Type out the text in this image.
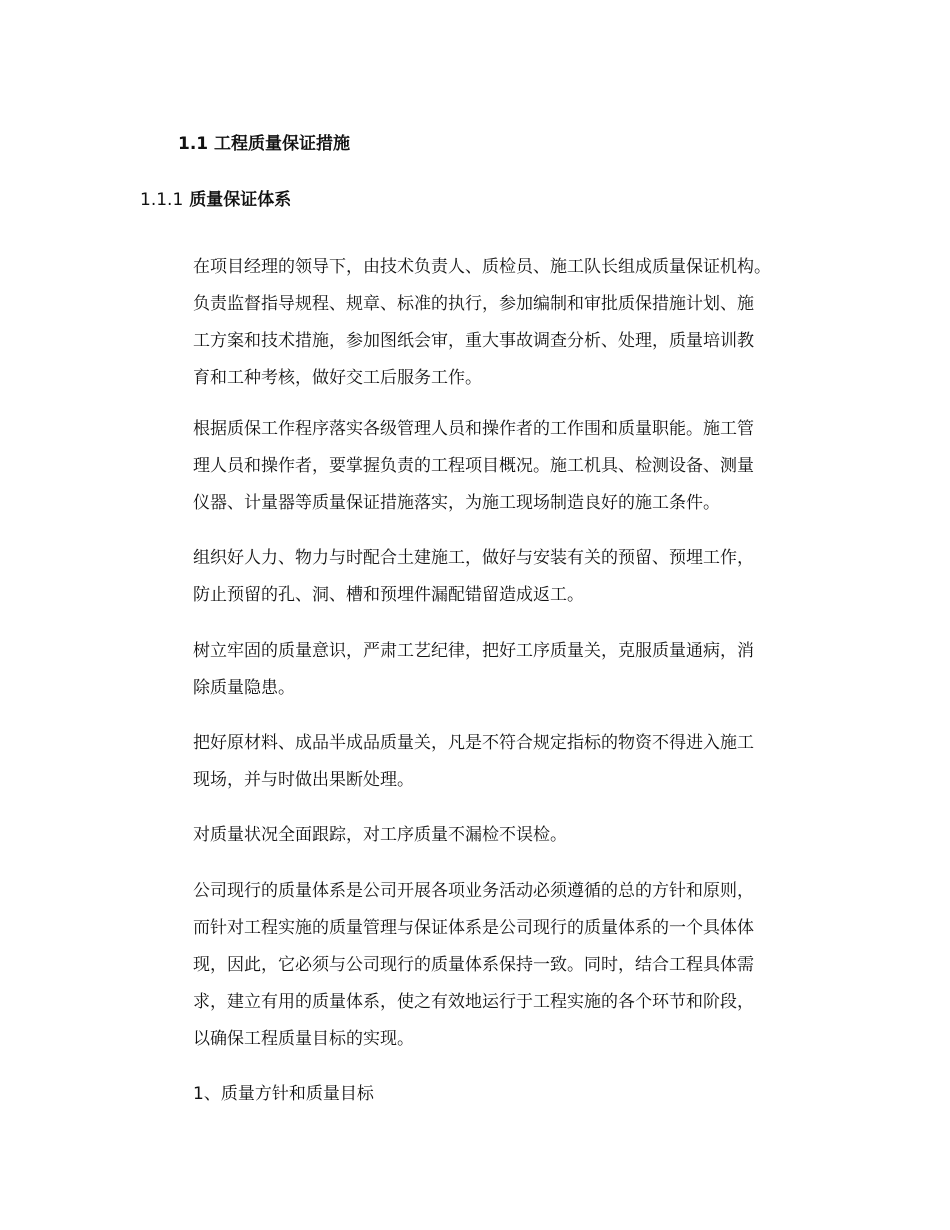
1.1 工程质量保证措施
1.1.1 质量保证体系

在项目经理的领导下，由技术负责人、质检员、施工队长组成质量保证机构。

负责监督指导规程、规章、标准的执行，参加编制和审批质保措施计划、施

工方案和技术措施，参加图纸会审，重大事故调查分析、处理，质量培训教

育和工种考核，做好交工后服务工作。

根据质保工作程序落实各级管理人员和操作者的工作围和质量职能。施工管

理人员和操作者，要掌握负责的工程项目概况。施工机具、检测设备、测量

仪器、计量器等质量保证措施落实，为施工现场制造良好的施工条件。

组织好人力、物力与时配合土建施工，做好与安装有关的预留、预埋工作，

防止预留的孔、洞、槽和预埋件漏配错留造成返工。

树立牢固的质量意识，严肃工艺纪律，把好工序质量关，克服质量通病，消

除质量隐患。

把好原材料、成品半成品质量关，凡是不符合规定指标的物资不得进入施工

现场，并与时做出果断处理。

对质量状况全面跟踪，对工序质量不漏检不误检。

公司现行的质量体系是公司开展各项业务活动必须遵循的总的方针和原则，

而针对工程实施的质量管理与保证体系是公司现行的质量体系的一个具体体

现，因此，它必须与公司现行的质量体系保持一致。同时，结合工程具体需

求，建立有用的质量体系，使之有效地运行于工程实施的各个环节和阶段，

以确保工程质量目标的实现。

1、质量方针和质量目标
